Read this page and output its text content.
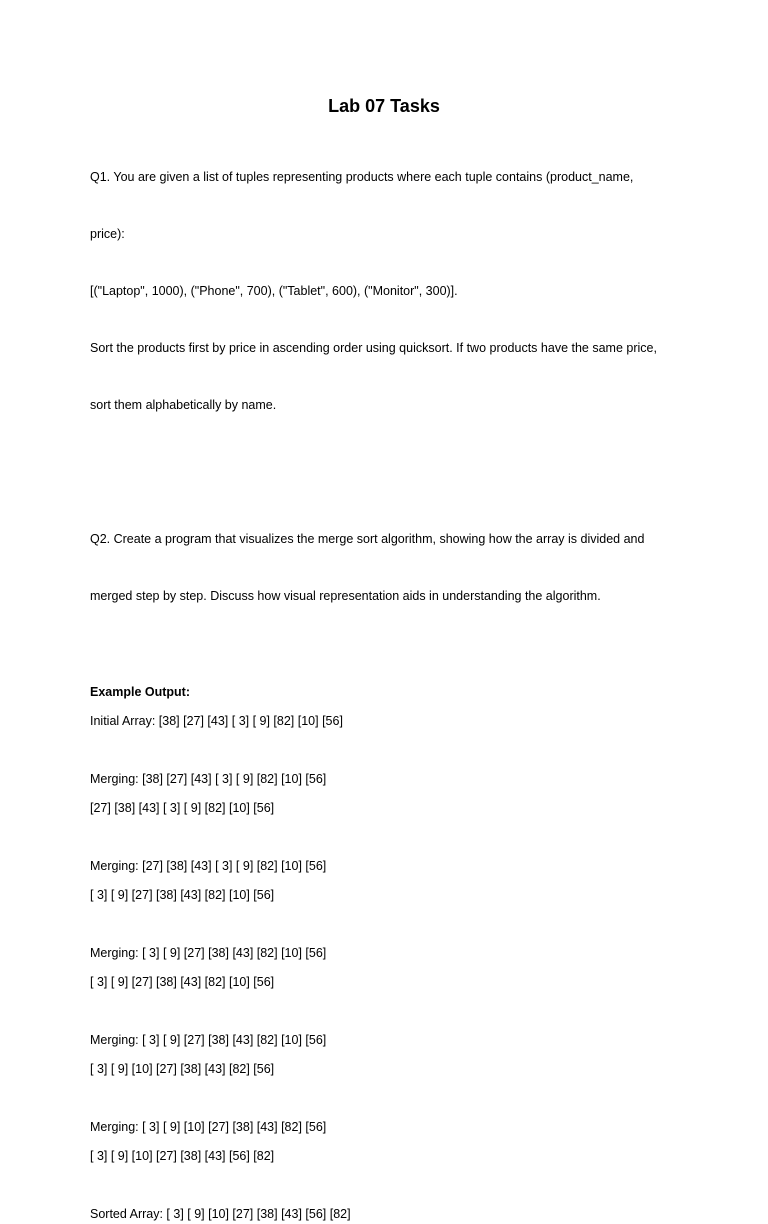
Lab 07 Tasks

Q1. You are given a list of tuples representing products where each tuple contains (product_name,

price):

[("Laptop", 1000), ("Phone", 700), ("Tablet", 600), ("Monitor", 300)].

Sort the products first by price in ascending order using quicksort. If two products have the same price,

sort them alphabetically by name.

Q2. Create a program that visualizes the merge sort algorithm, showing how the array is divided and

merged step by step. Discuss how visual representation aids in understanding the algorithm.

Example Output:
Initial Array: [38] [27] [43] [ 3] [ 9] [82] [10] [56]
Merging: [38] [27] [43] [ 3] [ 9] [82] [10] [56]
[27] [38] [43] [ 3] [ 9] [82] [10] [56]
Merging: [27] [38] [43] [ 3] [ 9] [82] [10] [56]
[ 3] [ 9] [27] [38] [43] [82] [10] [56]
Merging: [ 3] [ 9] [27] [38] [43] [82] [10] [56]
[ 3] [ 9] [27] [38] [43] [82] [10] [56]
Merging: [ 3] [ 9] [27] [38] [43] [82] [10] [56]
[ 3] [ 9] [10] [27] [38] [43] [82] [56]
Merging: [ 3] [ 9] [10] [27] [38] [43] [82] [56]
[ 3] [ 9] [10] [27] [38] [43] [56] [82]
Sorted Array: [ 3] [ 9] [10] [27] [38] [43] [56] [82]
